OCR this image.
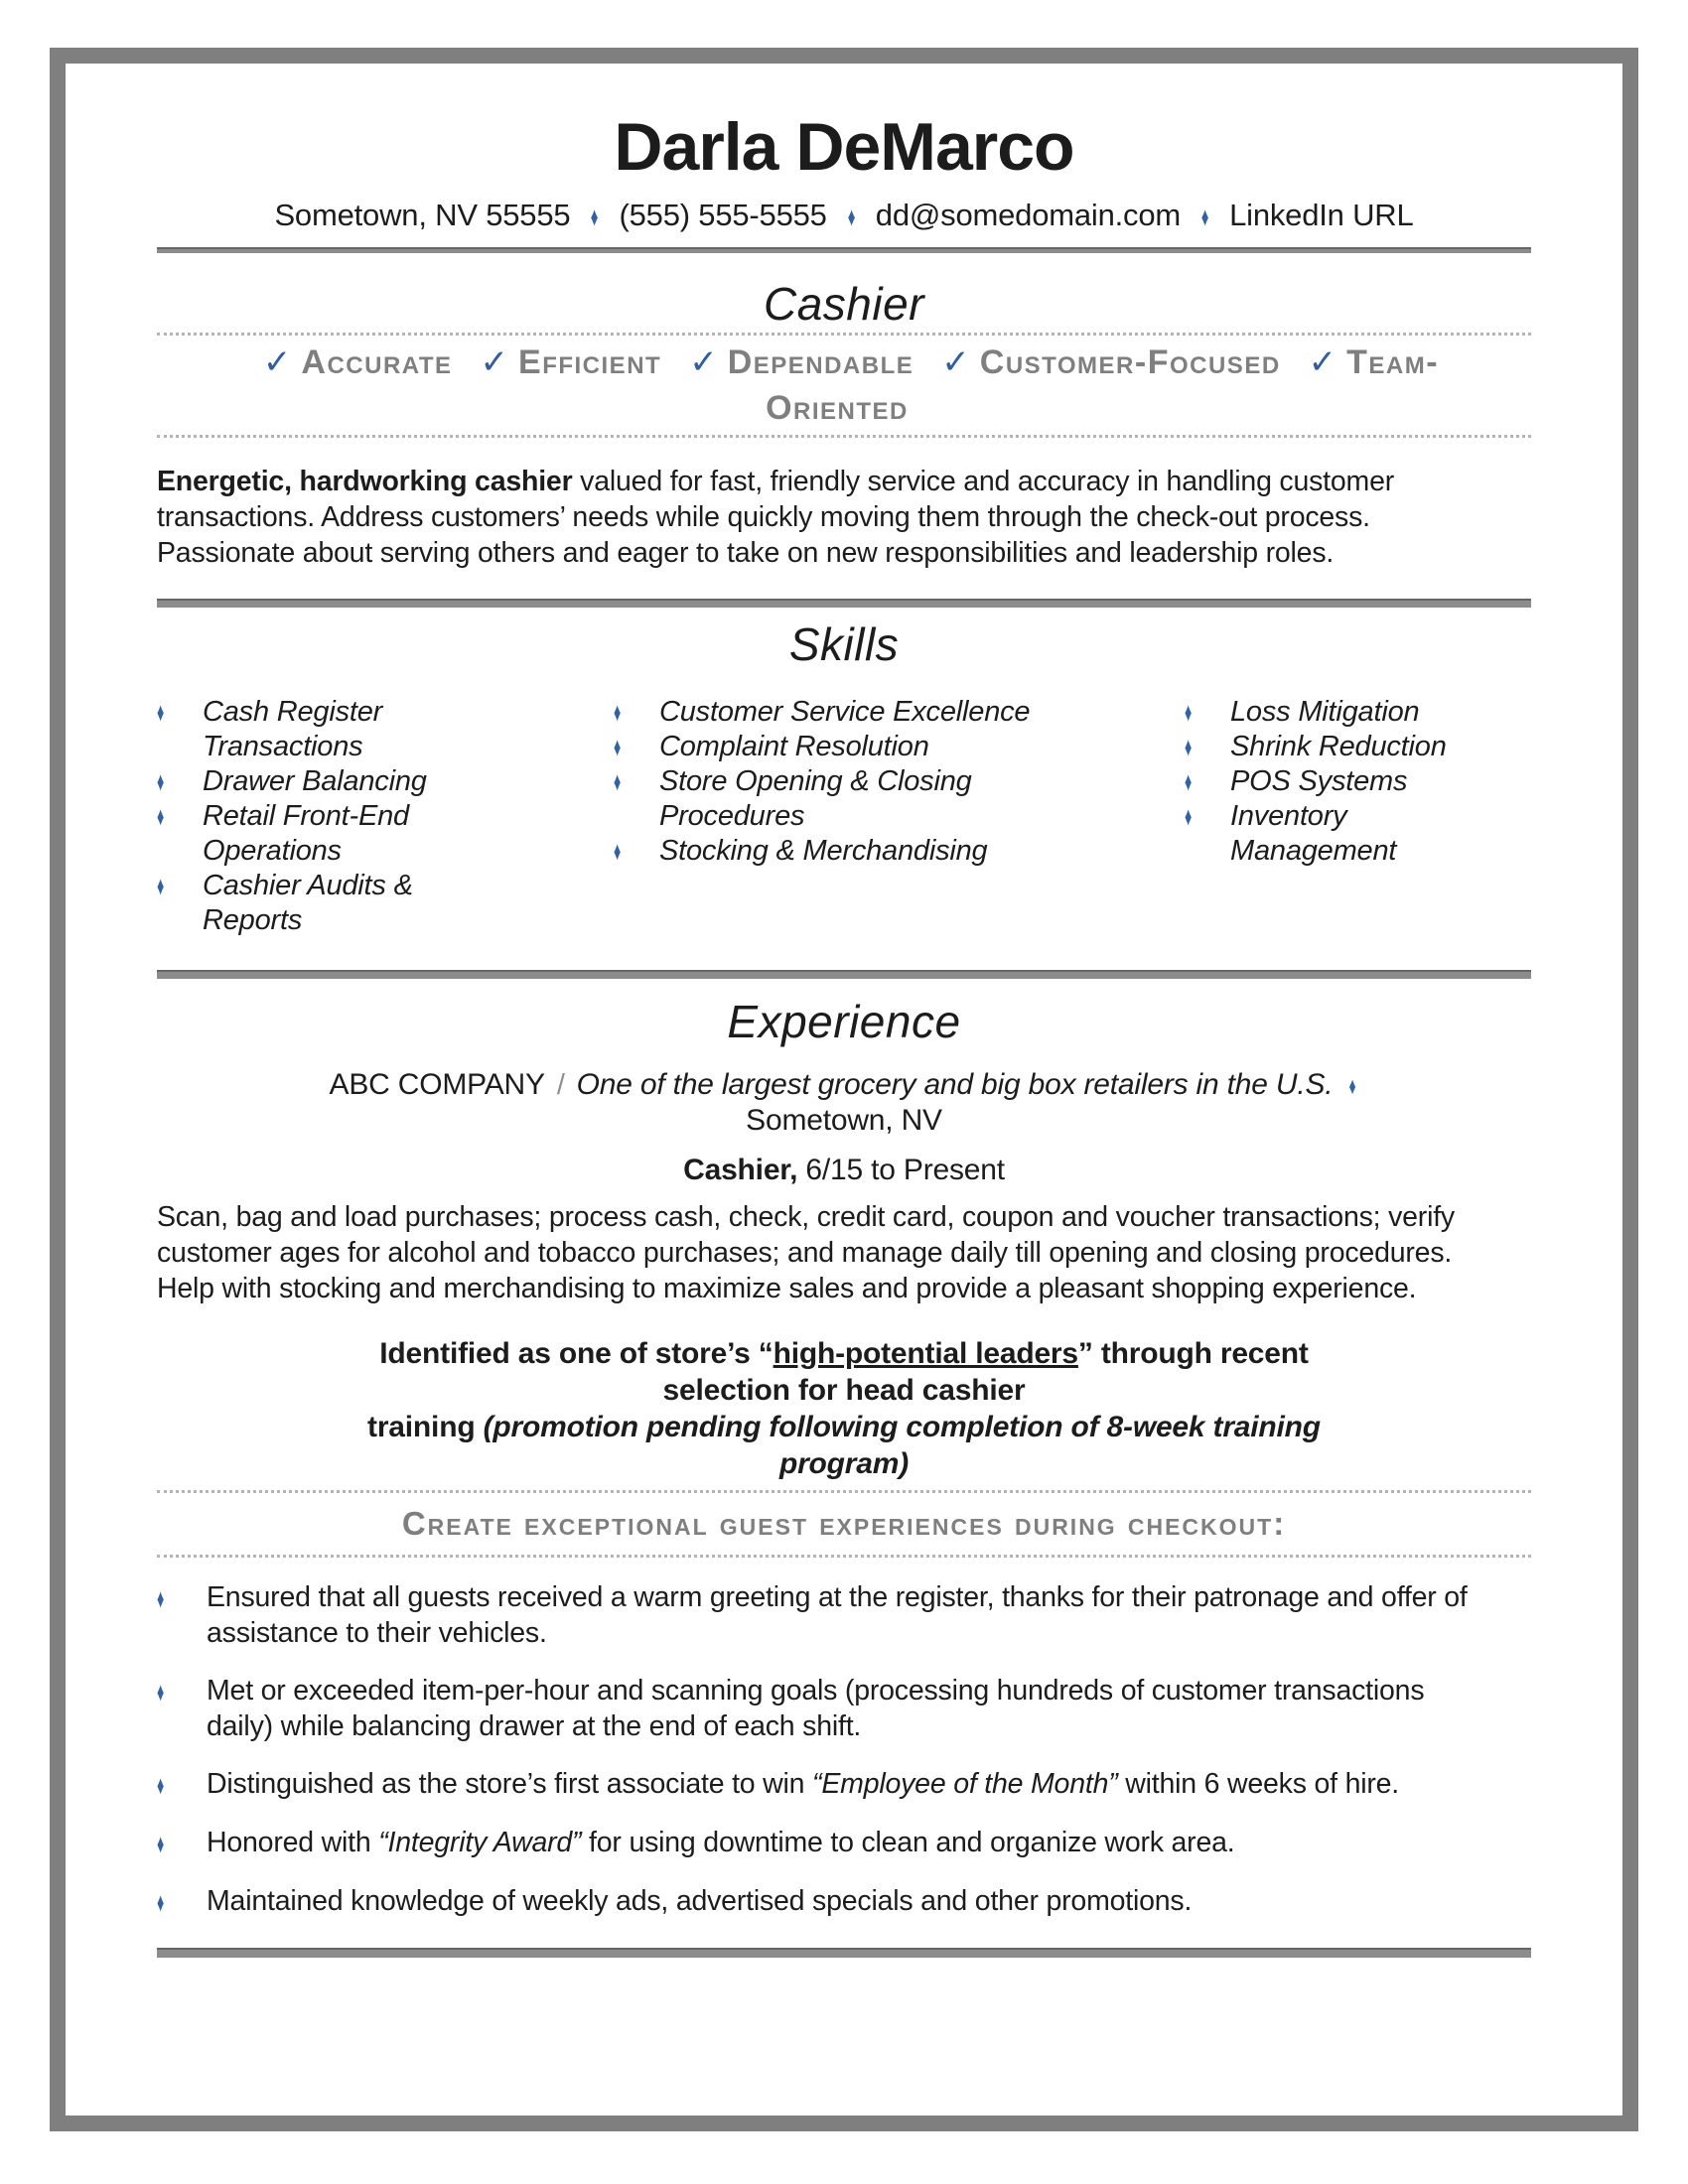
Darla DeMarco
Sometown, NV 55555 ♦ (555) 555-5555 ♦ dd@somedomain.com ♦ LinkedIn URL
Cashier
✓ Accurate ✓ Efficient ✓ Dependable ✓ Customer-Focused ✓ Team-Oriented

Energetic, hardworking cashier valued for fast, friendly service and accuracy in handling customer transactions. Address customers’ needs while quickly moving them through the check-out process. Passionate about serving others and eager to take on new responsibilities and leadership roles.

Skills
♦	Cash Register Transactions
♦	Drawer Balancing
♦	Retail Front-End Operations
♦	Cashier Audits & Reports
♦	Customer Service Excellence
♦	Complaint Resolution
♦	Store Opening & Closing Procedures
♦	Stocking & Merchandising
♦	Loss Mitigation
♦	Shrink Reduction
♦	POS Systems
♦	Inventory Management
Experience
ABC COMPANY / One of the largest grocery and big box retailers in the U.S. ♦
Sometown, NV
Cashier, 6/15 to Present

Scan, bag and load purchases; process cash, check, credit card, coupon and voucher transactions; verify customer ages for alcohol and tobacco purchases; and manage daily till opening and closing procedures. Help with stocking and merchandising to maximize sales and provide a pleasant shopping experience.

Identified as one of store’s “high-potential leaders” through recent
selection for head cashier
training (promotion pending following completion of 8-week training
program)
Create exceptional guest experiences during checkout:
♦	Ensured that all guests received a warm greeting at the register, thanks for their patronage and offer of assistance to their vehicles.
♦	Met or exceeded item-per-hour and scanning goals (processing hundreds of customer transactions daily) while balancing drawer at the end of each shift.
♦	Distinguished as the store’s first associate to win “Employee of the Month” within 6 weeks of hire.
♦	Honored with “Integrity Award” for using downtime to clean and organize work area.
♦	Maintained knowledge of weekly ads, advertised specials and other promotions.
